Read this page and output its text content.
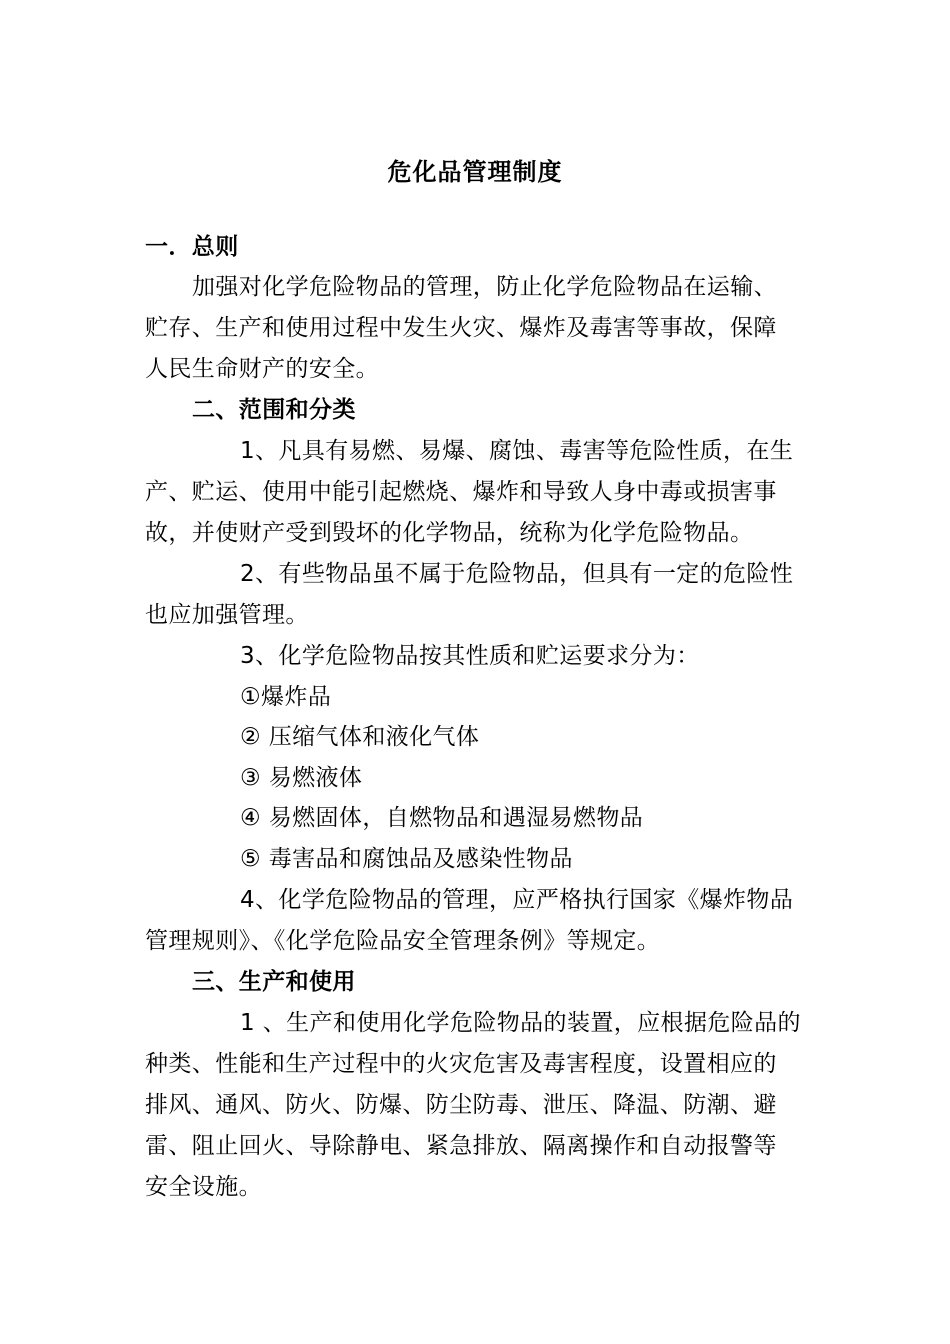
危化品管理制度
一．总则
加强对化学危险物品的管理，防止化学危险物品在运输、
贮存、生产和使用过程中发生火灾、爆炸及毒害等事故，保障
人民生命财产的安全。
二、范围和分类
1、凡具有易燃、易爆、腐蚀、毒害等危险性质，在生
产、贮运、使用中能引起燃烧、爆炸和导致人身中毒或损害事
故，并使财产受到毁坏的化学物品，统称为化学危险物品。
2、有些物品虽不属于危险物品，但具有一定的危险性
也应加强管理。
3、化学危险物品按其性质和贮运要求分为：
①爆炸品
② 压缩气体和液化气体
③ 易燃液体
④ 易燃固体，自燃物品和遇湿易燃物品
⑤ 毒害品和腐蚀品及感染性物品
4、化学危险物品的管理，应严格执行国家《爆炸物品
管理规则》、《化学危险品安全管理条例》等规定。
三、生产和使用
1 、生产和使用化学危险物品的装置，应根据危险品的
种类、性能和生产过程中的火灾危害及毒害程度，设置相应的
排风、通风、防火、防爆、防尘防毒、泄压、降温、防潮、避
雷、阻止回火、导除静电、紧急排放、隔离操作和自动报警等
安全设施。
